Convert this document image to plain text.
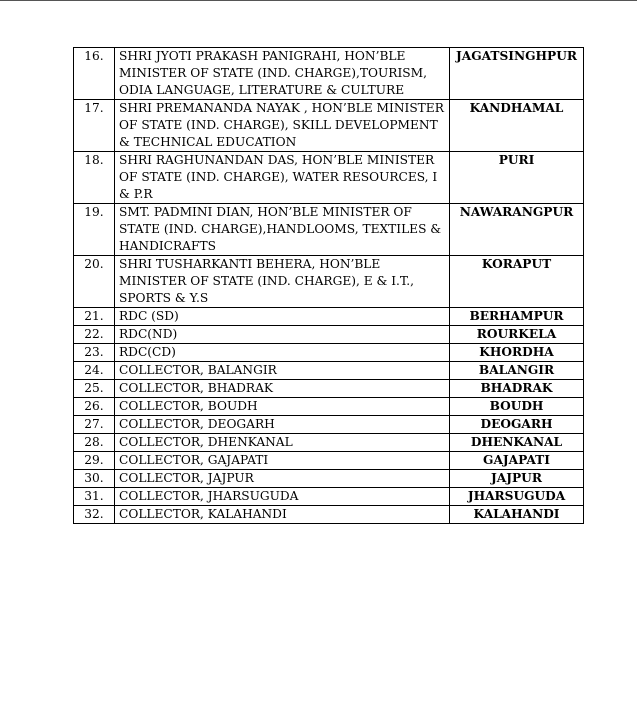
16.	SHRI JYOTI PRAKASH PANIGRAHI, HON’BLE MINISTER OF STATE (IND. CHARGE),TOURISM, ODIA LANGUAGE, LITERATURE & CULTURE	JAGATSINGHPUR
17.	SHRI PREMANANDA NAYAK , HON’BLE MINISTER OF STATE (IND. CHARGE), SKILL DEVELOPMENT & TECHNICAL EDUCATION	KANDHAMAL
18.	SHRI RAGHUNANDAN DAS, HON’BLE MINISTER OF STATE (IND. CHARGE), WATER RESOURCES, I & P.R	PURI
19.	SMT. PADMINI DIAN, HON’BLE MINISTER OF STATE (IND. CHARGE),HANDLOOMS, TEXTILES & HANDICRAFTS	NAWARANGPUR
20.	SHRI TUSHARKANTI BEHERA, HON’BLE MINISTER OF STATE (IND. CHARGE), E & I.T., SPORTS & Y.S	KORAPUT
21.	RDC (SD)	BERHAMPUR
22.	RDC(ND)	ROURKELA
23.	RDC(CD)	KHORDHA
24.	COLLECTOR, BALANGIR	BALANGIR
25.	COLLECTOR, BHADRAK	BHADRAK
26.	COLLECTOR, BOUDH	BOUDH
27.	COLLECTOR, DEOGARH	DEOGARH
28.	COLLECTOR, DHENKANAL	DHENKANAL
29.	COLLECTOR, GAJAPATI	GAJAPATI
30.	COLLECTOR, JAJPUR	JAJPUR
31.	COLLECTOR, JHARSUGUDA	JHARSUGUDA
32.	COLLECTOR, KALAHANDI	KALAHANDI
